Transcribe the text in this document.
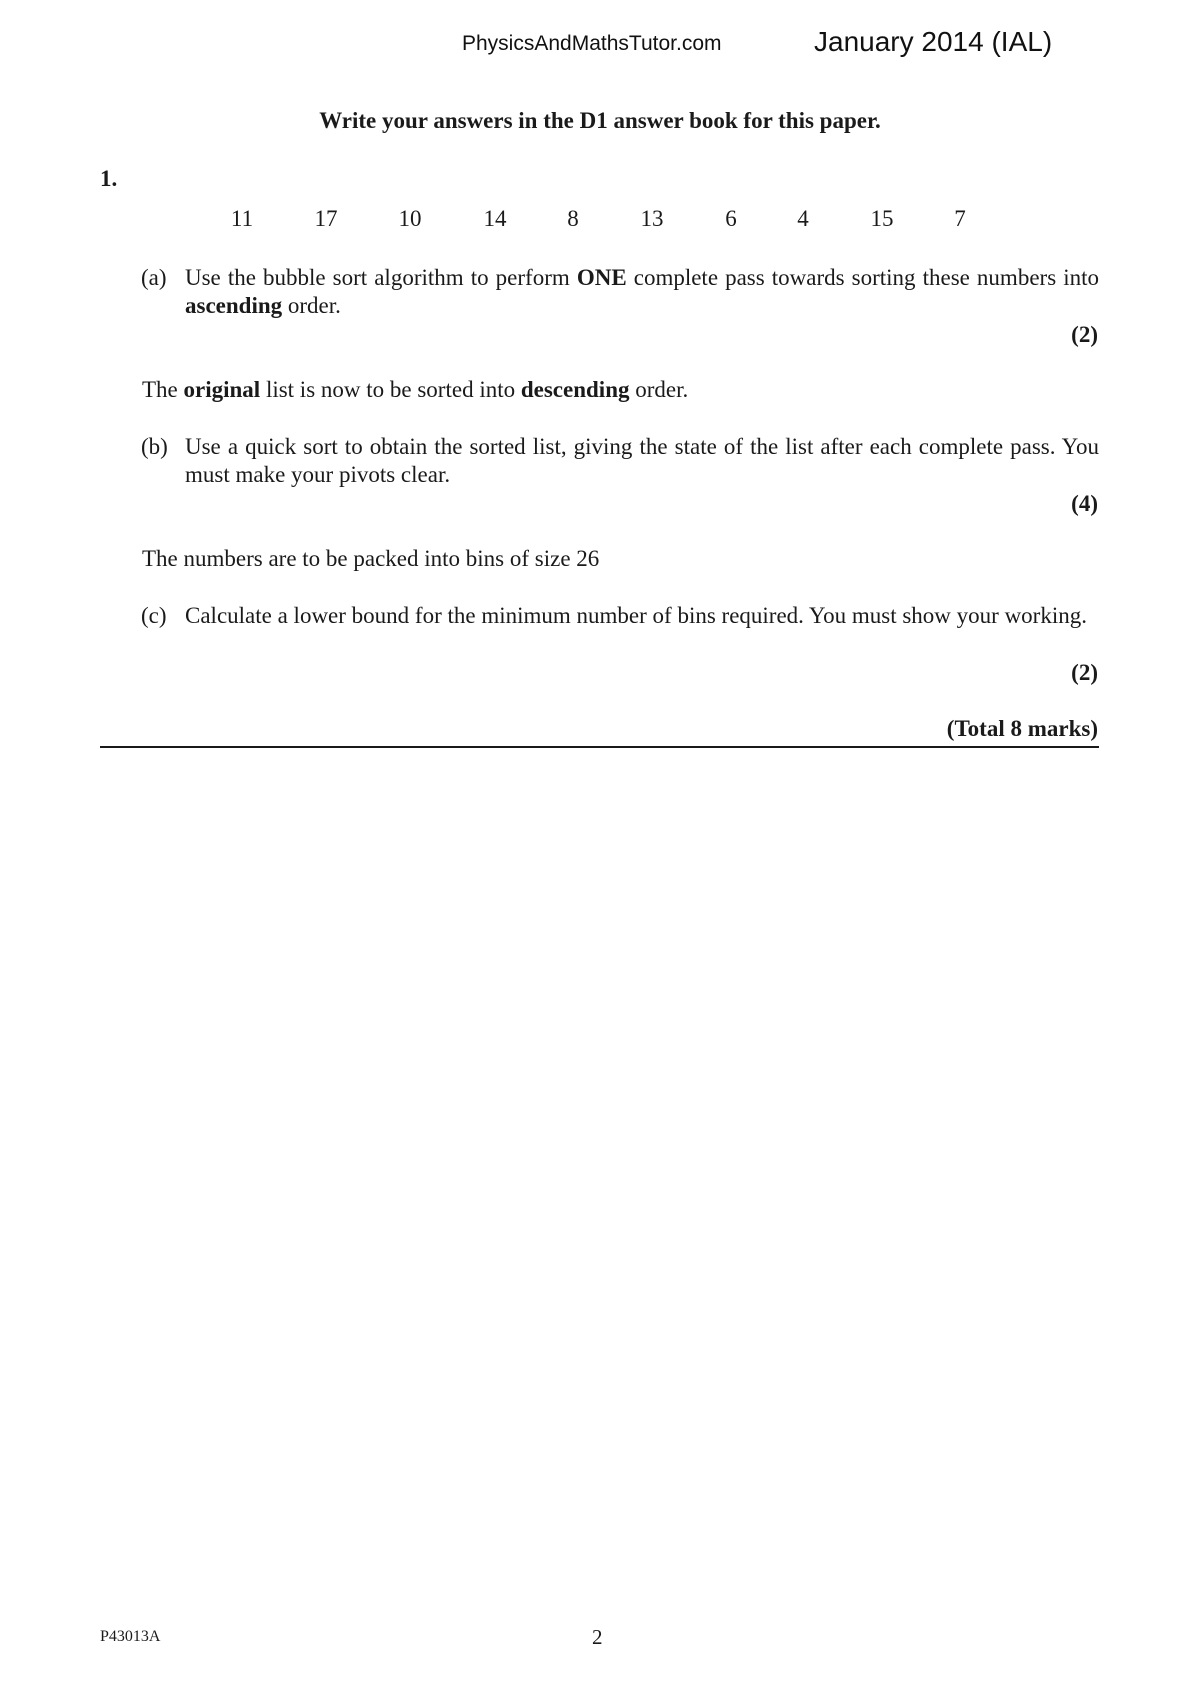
PhysicsAndMathsTutor.com	January 2014 (IAL)
Write your answers in the D1 answer book for this paper.
1.
11	17	10	14	8	13	6	4	15	7
(a) Use the bubble sort algorithm to perform ONE complete pass towards sorting these numbers into ascending order.
(2)
The original list is now to be sorted into descending order.
(b) Use a quick sort to obtain the sorted list, giving the state of the list after each complete pass. You must make your pivots clear.
(4)
The numbers are to be packed into bins of size 26
(c) Calculate a lower bound for the minimum number of bins required. You must show your working.
(2)
(Total 8 marks)
P43013A	2
